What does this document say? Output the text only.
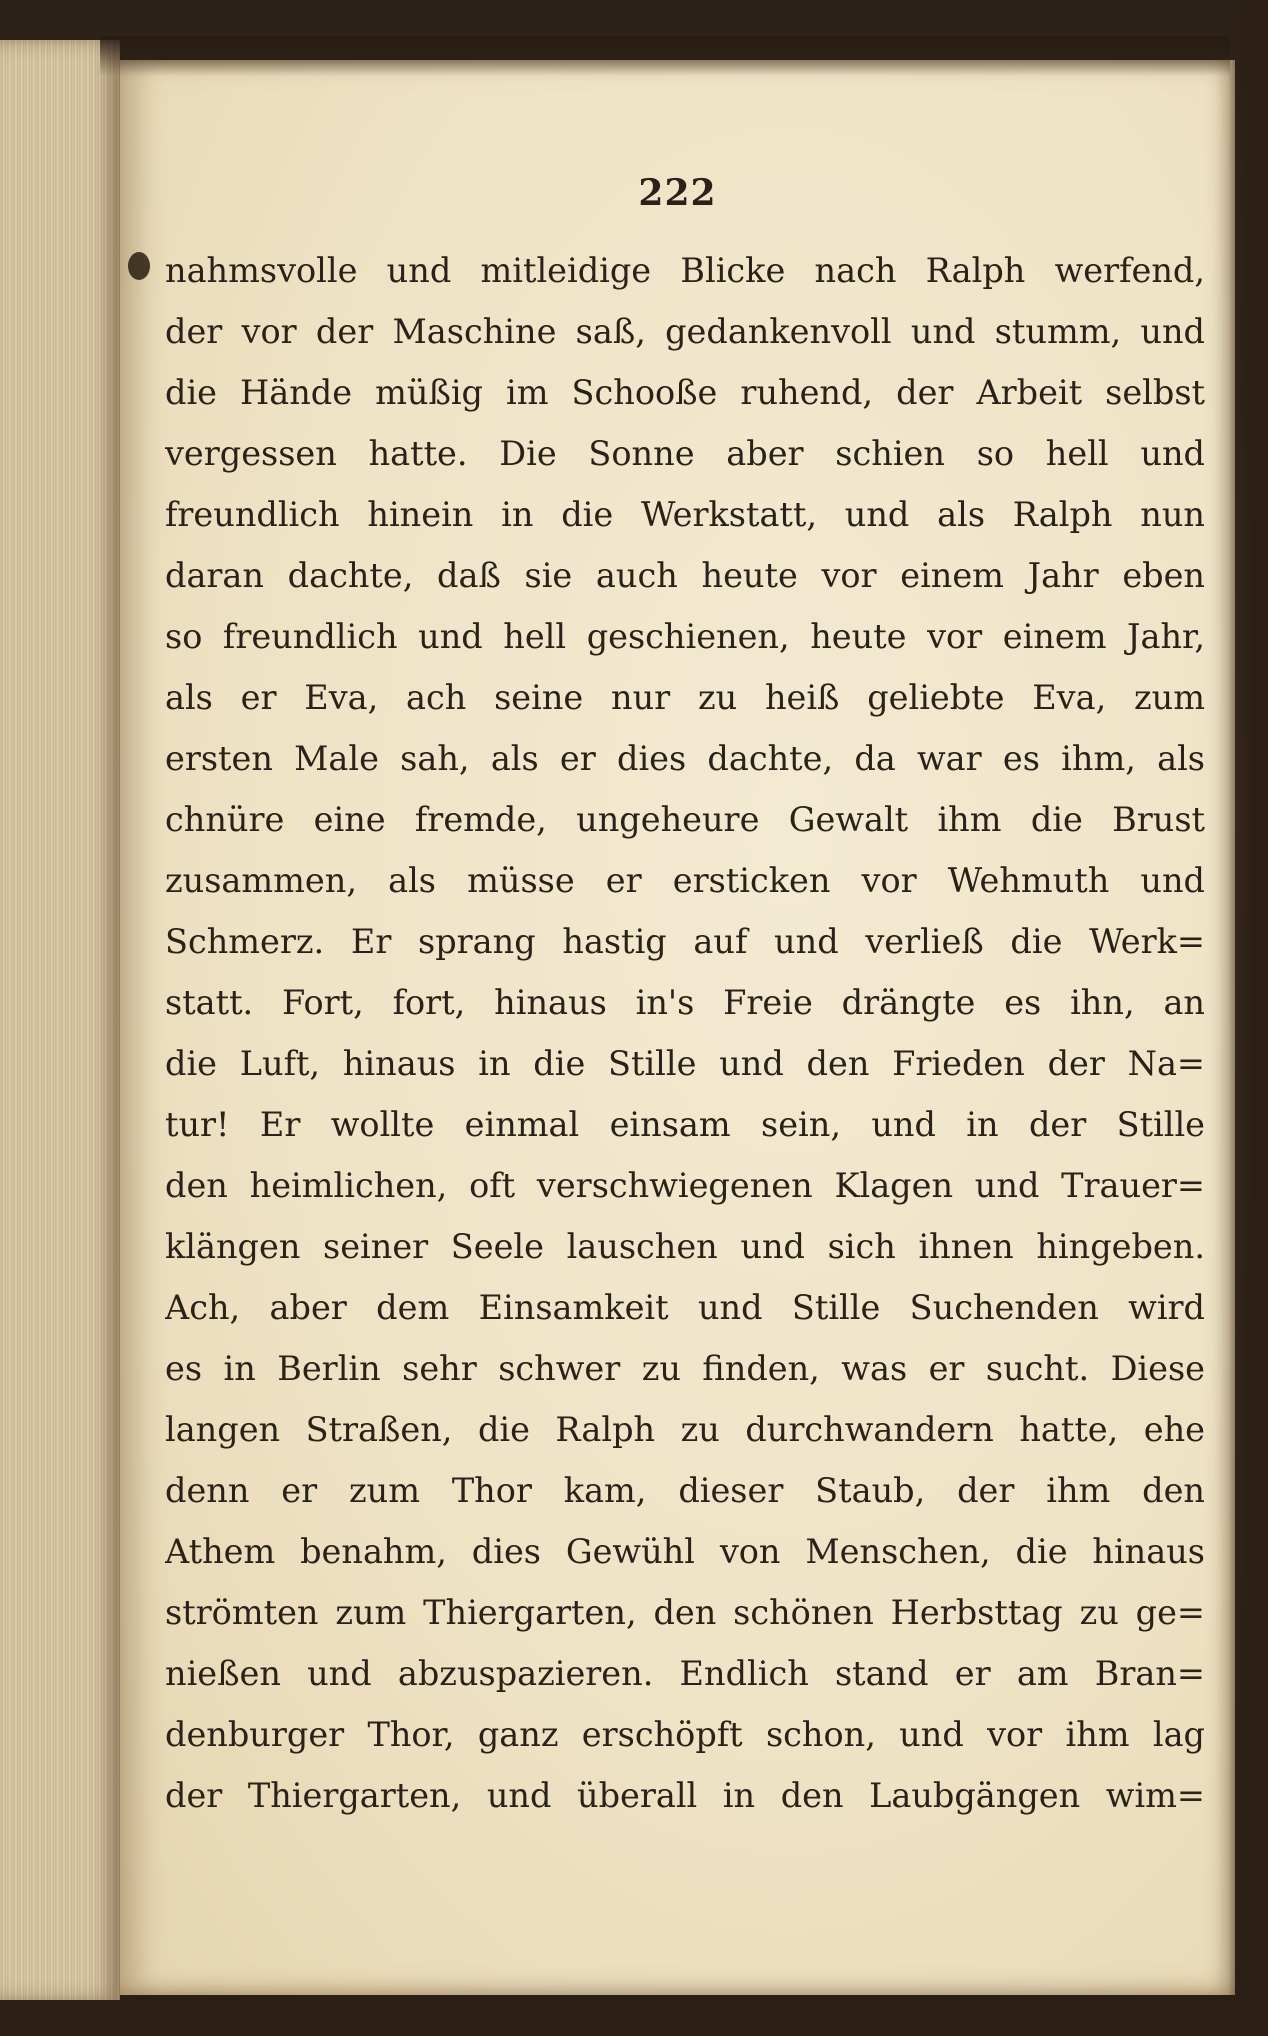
222
nahmsvolle und mitleidige Blicke nach Ralph werfend,
der vor der Maschine saß, gedankenvoll und stumm, und
die Hände müßig im Schooße ruhend, der Arbeit selbst
vergessen hatte. Die Sonne aber schien so hell und
freundlich hinein in die Werkstatt, und als Ralph nun
daran dachte, daß sie auch heute vor einem Jahr eben
so freundlich und hell geschienen, heute vor einem Jahr,
als er Eva, ach seine nur zu heiß geliebte Eva, zum
ersten Male sah, als er dies dachte, da war es ihm, als
chnüre eine fremde, ungeheure Gewalt ihm die Brust
zusammen, als müsse er ersticken vor Wehmuth und
Schmerz. Er sprang hastig auf und verließ die Werk=
statt. Fort, fort, hinaus in's Freie drängte es ihn, an
die Luft, hinaus in die Stille und den Frieden der Na=
tur! Er wollte einmal einsam sein, und in der Stille
den heimlichen, oft verschwiegenen Klagen und Trauer=
klängen seiner Seele lauschen und sich ihnen hingeben.
Ach, aber dem Einsamkeit und Stille Suchenden wird
es in Berlin sehr schwer zu finden, was er sucht. Diese
langen Straßen, die Ralph zu durchwandern hatte, ehe
denn er zum Thor kam, dieser Staub, der ihm den
Athem benahm, dies Gewühl von Menschen, die hinaus
strömten zum Thiergarten, den schönen Herbsttag zu ge=
nießen und abzuspazieren. Endlich stand er am Bran=
denburger Thor, ganz erschöpft schon, und vor ihm lag
der Thiergarten, und überall in den Laubgängen wim=
